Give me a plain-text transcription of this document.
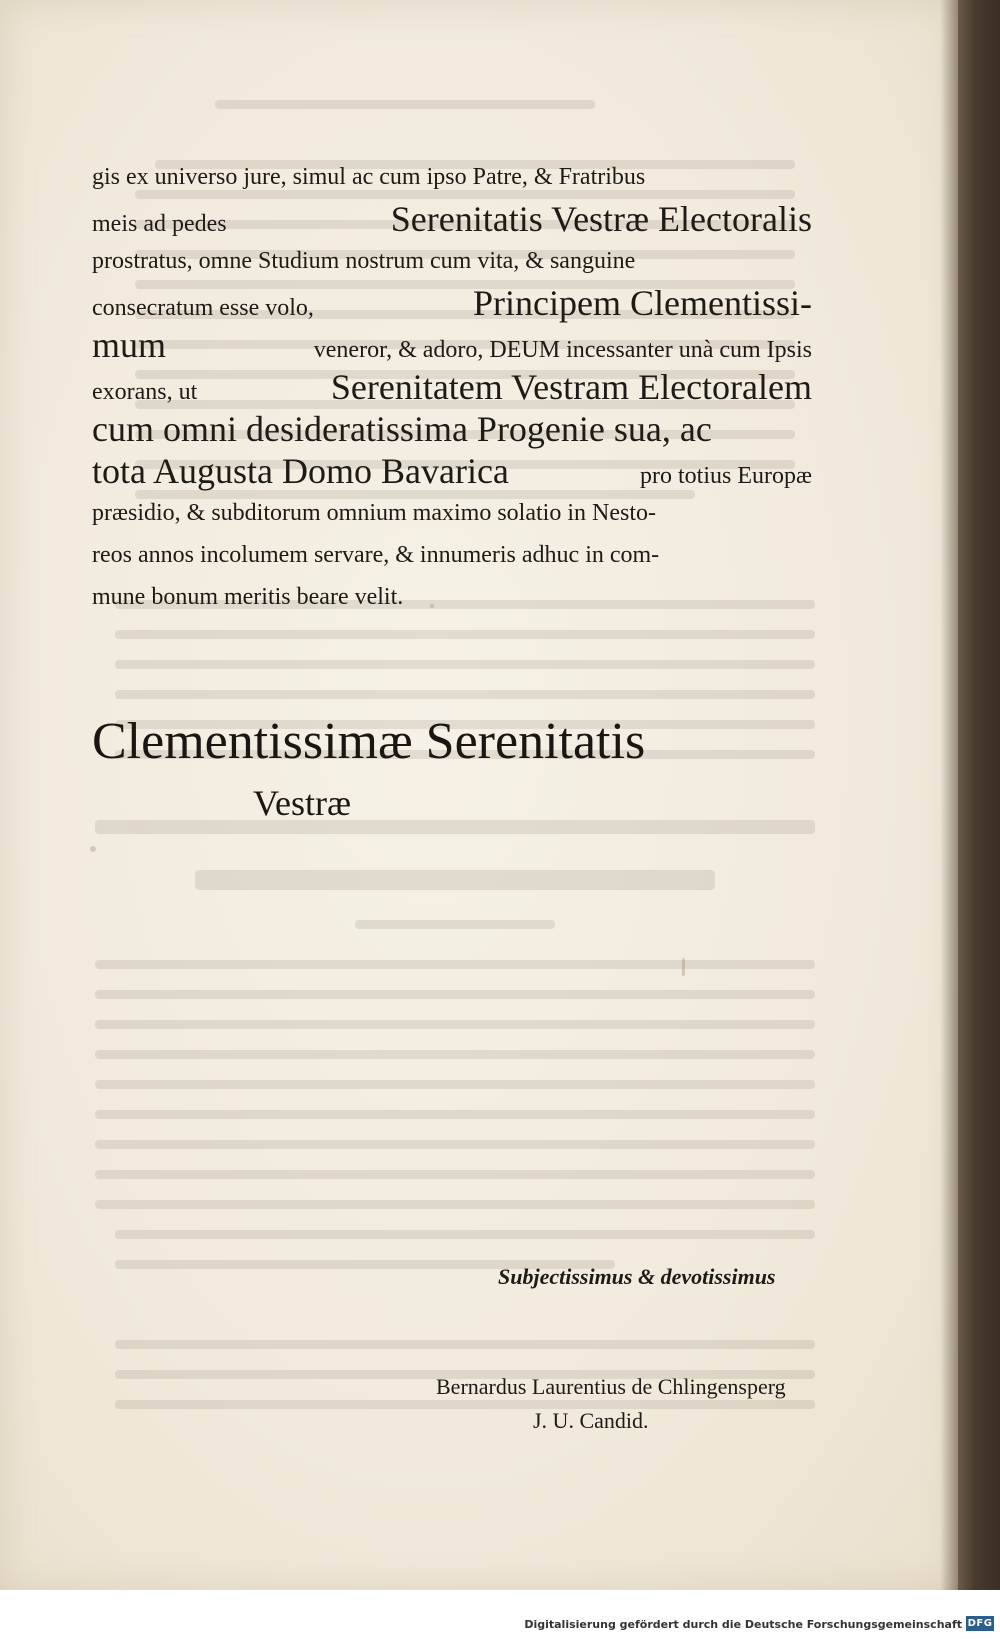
gis ex universo jure, simul ac cum ipso Patre, & Fratribus
meis ad pedes	Serenitatis Vestræ Electoralis
prostratus, omne Studium nostrum cum vita, & sanguine
consecratum esse volo,	Principem Clementissi-
mum	veneror, & adoro, DEUM incessanter unà cum Ipsis
exorans, ut	Serenitatem Vestram Electoralem
cum omni desideratissima Progenie sua, ac
tota Augusta Domo Bavarica	pro totius Europæ
præsidio, & subditorum omnium maximo solatio in Nesto-
reos annos incolumem servare, & innumeris adhuc in com-
mune bonum meritis beare velit.
Clementissimæ Serenitatis
Vestræ
Subjectissimus & devotissimus
Bernardus Laurentius de Chlingensperg
J. U. Candid.
Digitalisierung gefördert durch die Deutsche Forschungsgemeinschaft DFG
